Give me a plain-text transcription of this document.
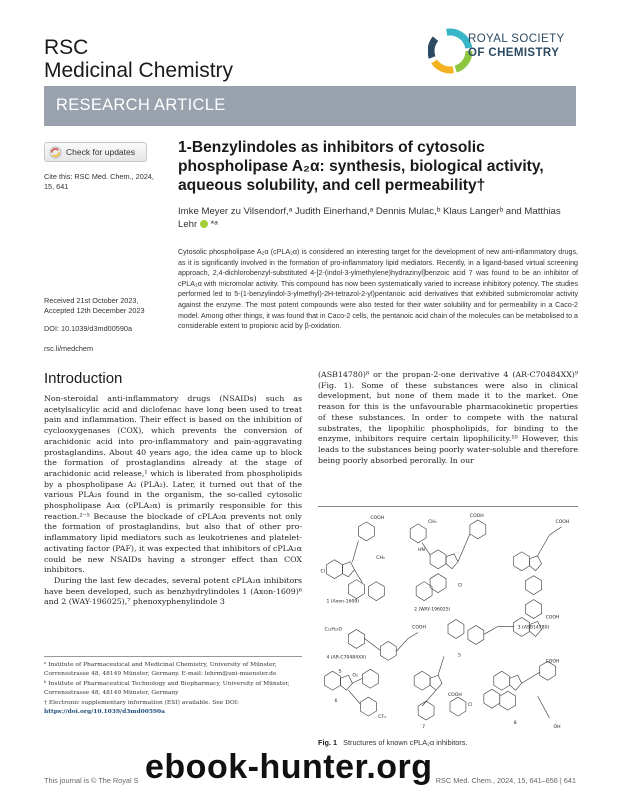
RSC
Medicinal Chemistry
ROYAL SOCIETY
OF CHEMISTRY
RESEARCH ARTICLE
Check for updates
Cite this: RSC Med. Chem., 2024, 15, 641
1-Benzylindoles as inhibitors of cytosolic phospholipase A₂α: synthesis, biological activity, aqueous solubility, and cell permeability†
Imke Meyer zu Vilsendorf,ᵃ Judith Einerhand,ᵃ Dennis Mulac,ᵇ Klaus Langerᵇ and Matthias Lehr *ᵃ
Cytosolic phospholipase A₂α (cPLA₂α) is considered an interesting target for the development of new anti-inflammatory drugs, as it is significantly involved in the formation of pro-inflammatory lipid mediators. Recently, in a ligand-based virtual screening approach, 2,4-dichlorobenzyl-substituted 4-[2-(indol-3-ylmethylene)hydrazinyl]benzoic acid 7 was found to be an inhibitor of cPLA₂α with micromolar activity. This compound has now been systematically varied to increase inhibitory potency. The studies performed led to 5-(1-benzylindol-3-ylmethyl)-2H-tetrazol-2-yl)pentanoic acid derivatives that exhibited submicromolar activity against the enzyme. The most potent compounds were also tested for their water solubility and for permeability in a Caco-2 model. Among other things, it was found that in Caco-2 cells, the pentanoic acid chain of the molecules can be metabolised to a considerable extent to propionic acid by β-oxidation.
Received 21st October 2023,
Accepted 12th December 2023
DOI: 10.1039/d3md00590a
rsc.li/medchem
Introduction

Non-steroidal anti-inflammatory drugs (NSAIDs) such as acetylsalicylic acid and diclofenac have long been used to treat pain and inflammation. Their effect is based on the inhibition of cyclooxygenases (COX), which prevents the conversion of arachidonic acid into pro-inflammatory and pain-aggravating prostaglandins. About 40 years ago, the idea came up to block the formation of prostaglandins already at the stage of arachidonic acid release,¹ which is liberated from phospholipids by a phospholipase A₂ (PLA₂). Later, it turned out that of the various PLA₂s found in the organism, the so-called cytosolic phospholipase A₂α (cPLA₂α) is primarily responsible for this reaction.²⁻⁵ Because the blockade of cPLA₂α prevents not only the formation of prostaglandins, but also that of other pro-inflammatory lipid mediators such as leukotrienes and platelet-activating factor (PAF), it was expected that inhibitors of cPLA₂α could be new NSAIDs having a stronger effect than COX inhibitors.

During the last few decades, several potent cPLA₂α inhibitors have been developed, such as benzhydrylindoles 1 (Axon-1609)⁶ and 2 (WAY-196025),⁷ phenoxyphenylindole 3

(ASB14780)⁸ or the propan-2-one derivative 4 (AR-C70484XX)⁹ (Fig. 1). Some of these substances were also in clinical development, but none of them made it to the market. One reason for this is the unfavourable pharmacokinetic properties of these substances. In order to compete with the natural substrates, the lipophilic phospholipids, for binding to the enzyme, inhibitors require certain lipophilicity.¹⁰ However, this leads to the substances being poorly water-soluble and therefore being poorly absorbed perorally. In our

COOH	COOH
COOH
COOH
COOH
COOH
COOH
1 (Axon-1609)
2 (WAY-196025)
3 (ASB14780)
4 (AR-C70484XX)	5
6
7
8
Cl
Cl
Cl
CH₃
CH₃
C₁₂H₂₅O
OH
CF₃
HN
S
O₂
Fig. 1 Structures of known cPLA₂α inhibitors.

ᵃ Institute of Pharmaceutical and Medicinal Chemistry, University of Münster, Corrensstrasse 48, 48149 Münster, Germany. E-mail: lehrm@uni-muenster.de

ᵇ Institute of Pharmaceutical Technology and Biopharmacy, University of Münster, Corrensstrasse 48, 48149 Münster, Germany

† Electronic supplementary information (ESI) available. See DOI: https://doi.org/10.1039/d3md00590a

This journal is © The Royal S	RSC Med. Chem., 2024, 15, 641–656 | 641
ebook-hunter.org
